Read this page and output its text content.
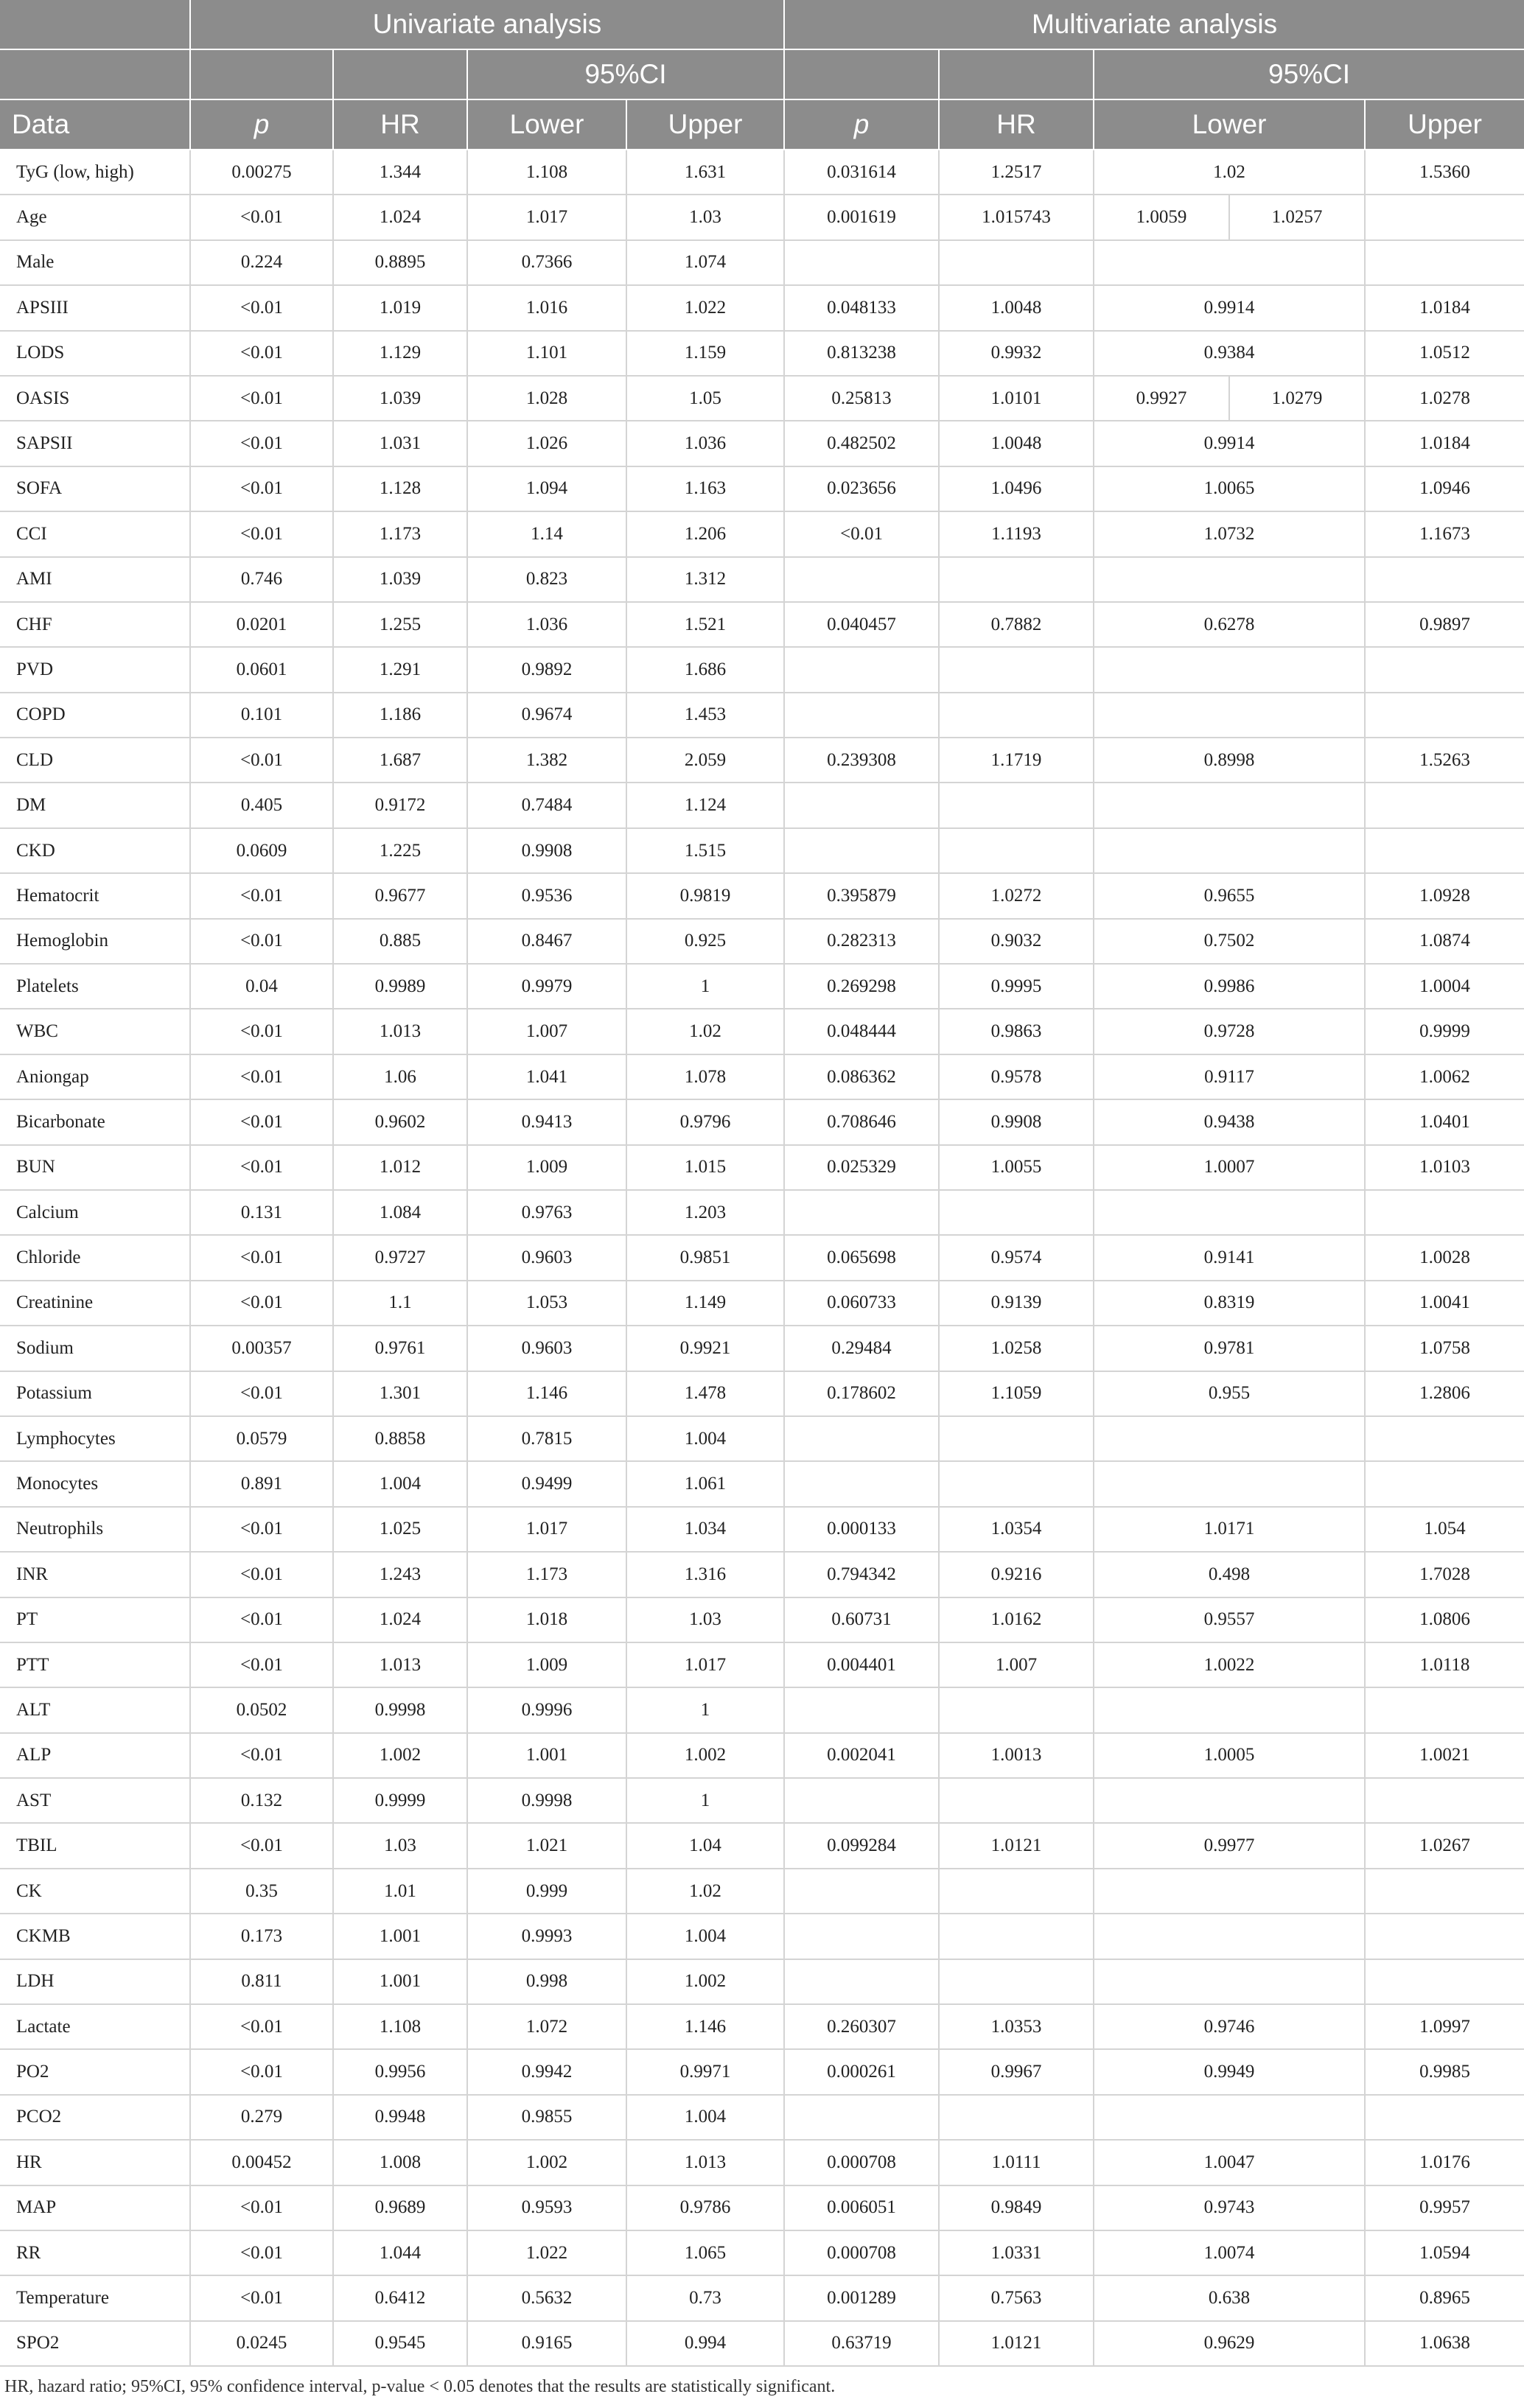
	Univariate analysis				Multivariate analysis				
			95%CI				95%CI		
Data	p	HR	Lower	Upper	p	HR	Lower		Upper
TyG (low, high)	0.00275	1.344	1.108	1.631	0.031614	1.2517	1.02		1.5360
Age	<0.01	1.024	1.017	1.03	0.001619	1.015743	1.0059	1.0257	
Male	0.224	0.8895	0.7366	1.074					
APSIII	<0.01	1.019	1.016	1.022	0.048133	1.0048	0.9914		1.0184
LODS	<0.01	1.129	1.101	1.159	0.813238	0.9932	0.9384		1.0512
OASIS	<0.01	1.039	1.028	1.05	0.25813	1.0101	0.9927	1.0279	1.0278
SAPSII	<0.01	1.031	1.026	1.036	0.482502	1.0048	0.9914		1.0184
SOFA	<0.01	1.128	1.094	1.163	0.023656	1.0496	1.0065		1.0946
CCI	<0.01	1.173	1.14	1.206	<0.01	1.1193	1.0732		1.1673
AMI	0.746	1.039	0.823	1.312					
CHF	0.0201	1.255	1.036	1.521	0.040457	0.7882	0.6278		0.9897
PVD	0.0601	1.291	0.9892	1.686					
COPD	0.101	1.186	0.9674	1.453					
CLD	<0.01	1.687	1.382	2.059	0.239308	1.1719	0.8998		1.5263
DM	0.405	0.9172	0.7484	1.124					
CKD	0.0609	1.225	0.9908	1.515					
Hematocrit	<0.01	0.9677	0.9536	0.9819	0.395879	1.0272	0.9655		1.0928
Hemoglobin	<0.01	0.885	0.8467	0.925	0.282313	0.9032	0.7502		1.0874
Platelets	0.04	0.9989	0.9979	1	0.269298	0.9995	0.9986		1.0004
WBC	<0.01	1.013	1.007	1.02	0.048444	0.9863	0.9728		0.9999
Aniongap	<0.01	1.06	1.041	1.078	0.086362	0.9578	0.9117		1.0062
Bicarbonate	<0.01	0.9602	0.9413	0.9796	0.708646	0.9908	0.9438		1.0401
BUN	<0.01	1.012	1.009	1.015	0.025329	1.0055	1.0007		1.0103
Calcium	0.131	1.084	0.9763	1.203					
Chloride	<0.01	0.9727	0.9603	0.9851	0.065698	0.9574	0.9141		1.0028
Creatinine	<0.01	1.1	1.053	1.149	0.060733	0.9139	0.8319		1.0041
Sodium	0.00357	0.9761	0.9603	0.9921	0.29484	1.0258	0.9781		1.0758
Potassium	<0.01	1.301	1.146	1.478	0.178602	1.1059	0.955		1.2806
Lymphocytes	0.0579	0.8858	0.7815	1.004					
Monocytes	0.891	1.004	0.9499	1.061					
Neutrophils	<0.01	1.025	1.017	1.034	0.000133	1.0354	1.0171		1.054
INR	<0.01	1.243	1.173	1.316	0.794342	0.9216	0.498		1.7028
PT	<0.01	1.024	1.018	1.03	0.60731	1.0162	0.9557		1.0806
PTT	<0.01	1.013	1.009	1.017	0.004401	1.007	1.0022		1.0118
ALT	0.0502	0.9998	0.9996	1					
ALP	<0.01	1.002	1.001	1.002	0.002041	1.0013	1.0005		1.0021
AST	0.132	0.9999	0.9998	1					
TBIL	<0.01	1.03	1.021	1.04	0.099284	1.0121	0.9977		1.0267
CK	0.35	1.01	0.999	1.02					
CKMB	0.173	1.001	0.9993	1.004					
LDH	0.811	1.001	0.998	1.002					
Lactate	<0.01	1.108	1.072	1.146	0.260307	1.0353	0.9746		1.0997
PO2	<0.01	0.9956	0.9942	0.9971	0.000261	0.9967	0.9949		0.9985
PCO2	0.279	0.9948	0.9855	1.004					
HR	0.00452	1.008	1.002	1.013	0.000708	1.0111	1.0047		1.0176
MAP	<0.01	0.9689	0.9593	0.9786	0.006051	0.9849	0.9743		0.9957
RR	<0.01	1.044	1.022	1.065	0.000708	1.0331	1.0074		1.0594
Temperature	<0.01	0.6412	0.5632	0.73	0.001289	0.7563	0.638		0.8965
SPO2	0.0245	0.9545	0.9165	0.994	0.63719	1.0121	0.9629		1.0638
HR, hazard ratio; 95%CI, 95% confidence interval, p-value < 0.05 denotes that the results are statistically significant.
